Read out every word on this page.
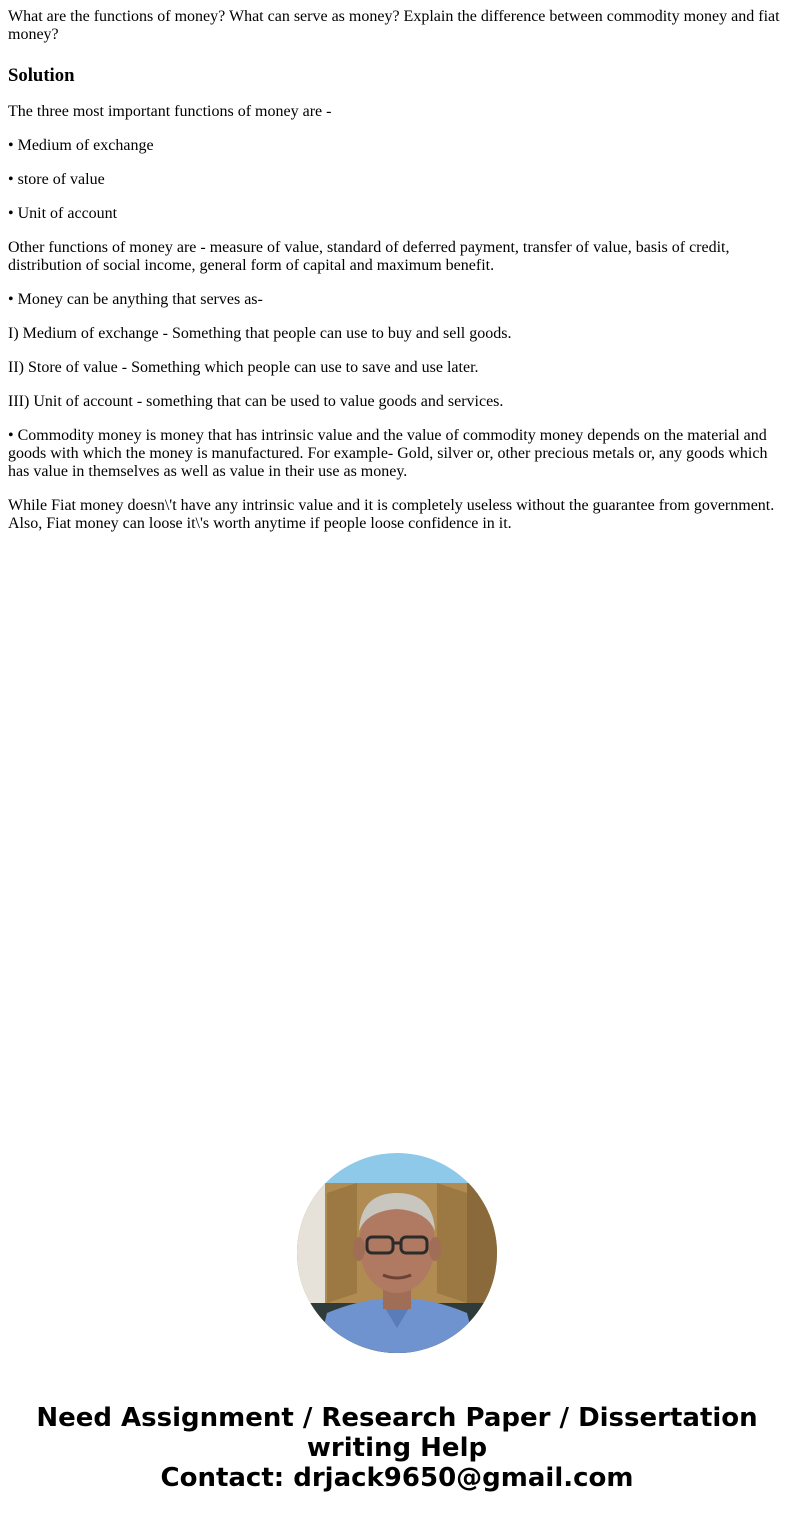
What are the functions of money? What can serve as money? Explain the difference between commodity money and fiat money?

Solution

The three most important functions of money are -

• Medium of exchange

• store of value

• Unit of account

Other functions of money are - measure of value, standard of deferred payment, transfer of value, basis of credit, distribution of social income, general form of capital and maximum benefit.

• Money can be anything that serves as-

I) Medium of exchange - Something that people can use to buy and sell goods.

II) Store of value - Something which people can use to save and use later.

III) Unit of account - something that can be used to value goods and services.

• Commodity money is money that has intrinsic value and the value of commodity money depends on the material and goods with which the money is manufactured. For example- Gold, silver or, other precious metals or, any goods which has value in themselves as well as value in their use as money.

While Fiat money doesn\'t have any intrinsic value and it is completely useless without the guarantee from government. Also, Fiat money can loose it\'s worth anytime if people loose confidence in it.

Need Assignment / Research Paper / Dissertation
writing Help
Contact: drjack9650@gmail.com
